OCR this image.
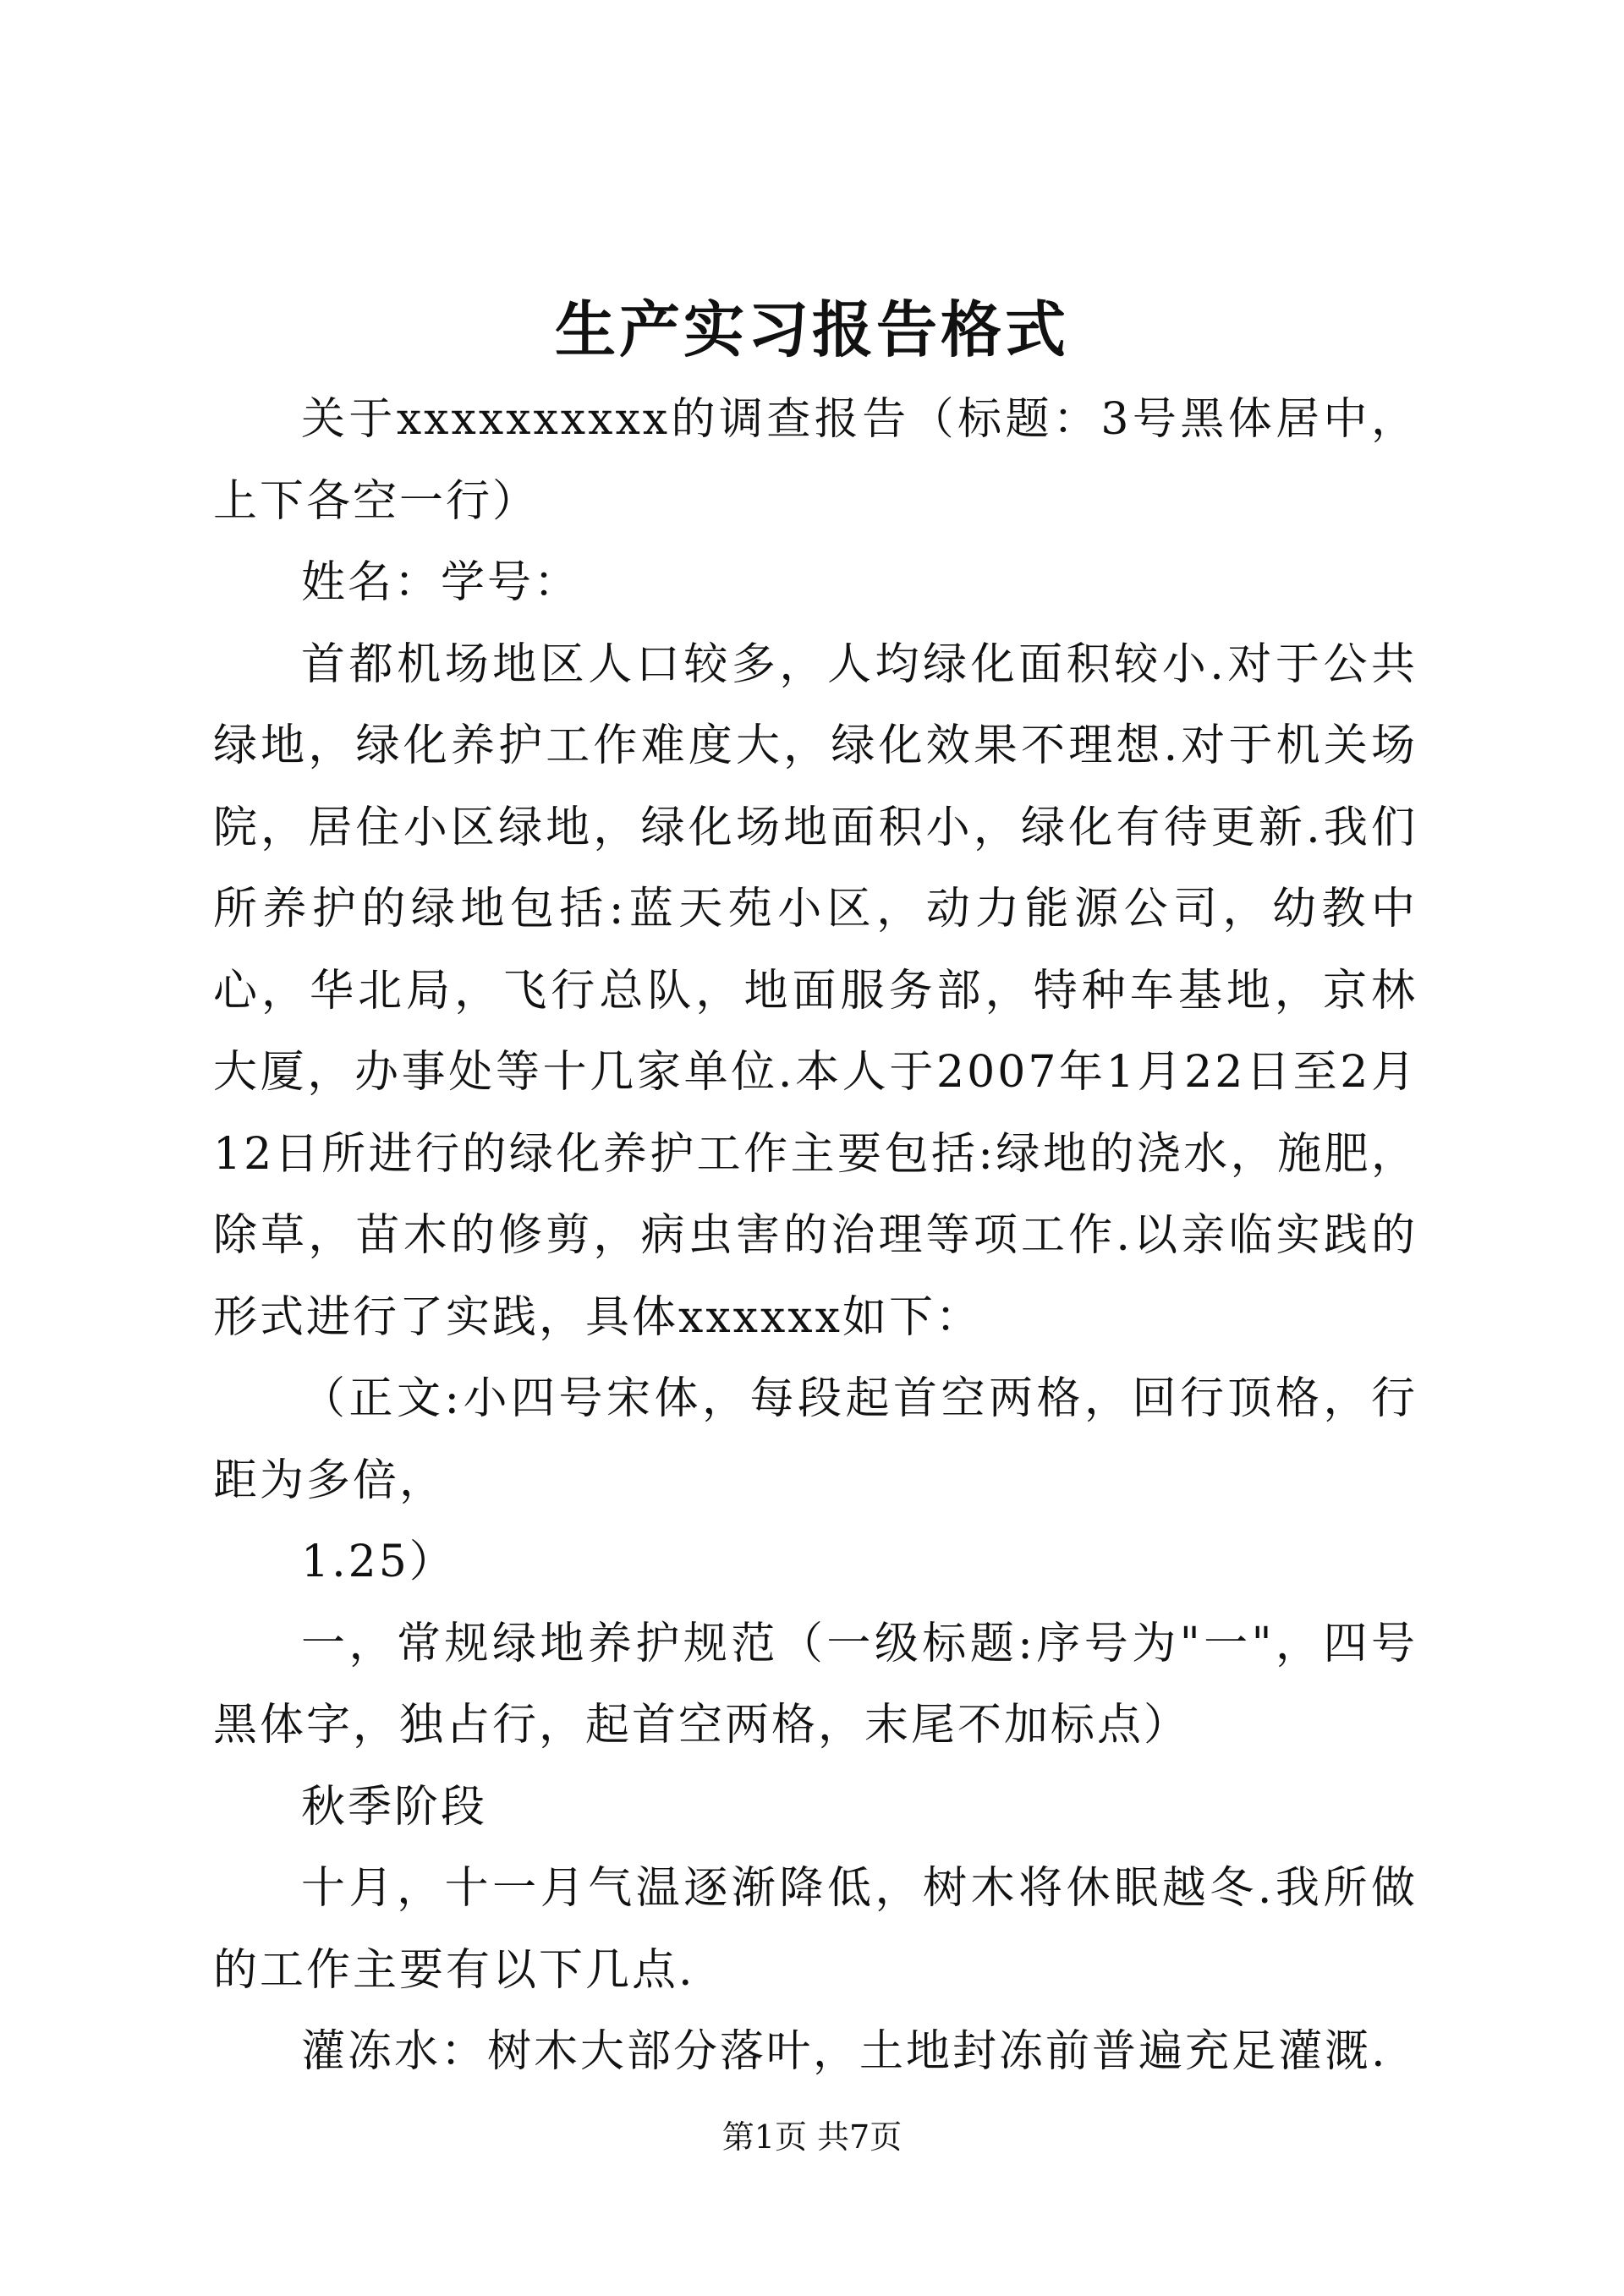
生产实习报告格式

关于xxxxxxxxxx的调查报告（标题：3号黑体居中，上下各空一行）

姓名：学号：

首都机场地区人口较多，人均绿化面积较小.对于公共绿地，绿化养护工作难度大，绿化效果不理想.对于机关场院，居住小区绿地，绿化场地面积小，绿化有待更新.我们所养护的绿地包括:蓝天苑小区，动力能源公司，幼教中心，华北局，飞行总队，地面服务部，特种车基地，京林大厦，办事处等十几家单位.本人于2007年1月22日至2月12日所进行的绿化养护工作主要包括:绿地的浇水，施肥，除草，苗木的修剪，病虫害的治理等项工作.以亲临实践的形式进行了实践，具体xxxxxx如下：

（正文:小四号宋体，每段起首空两格，回行顶格，行距为多倍，

1.25）

一，常规绿地养护规范（一级标题:序号为"一"，四号黑体字，独占行，起首空两格，末尾不加标点）

秋季阶段

十月，十一月气温逐渐降低，树木将休眠越冬.我所做的工作主要有以下几点.

灌冻水：树木大部分落叶，土地封冻前普遍充足灌溉.

第1页 共7页
